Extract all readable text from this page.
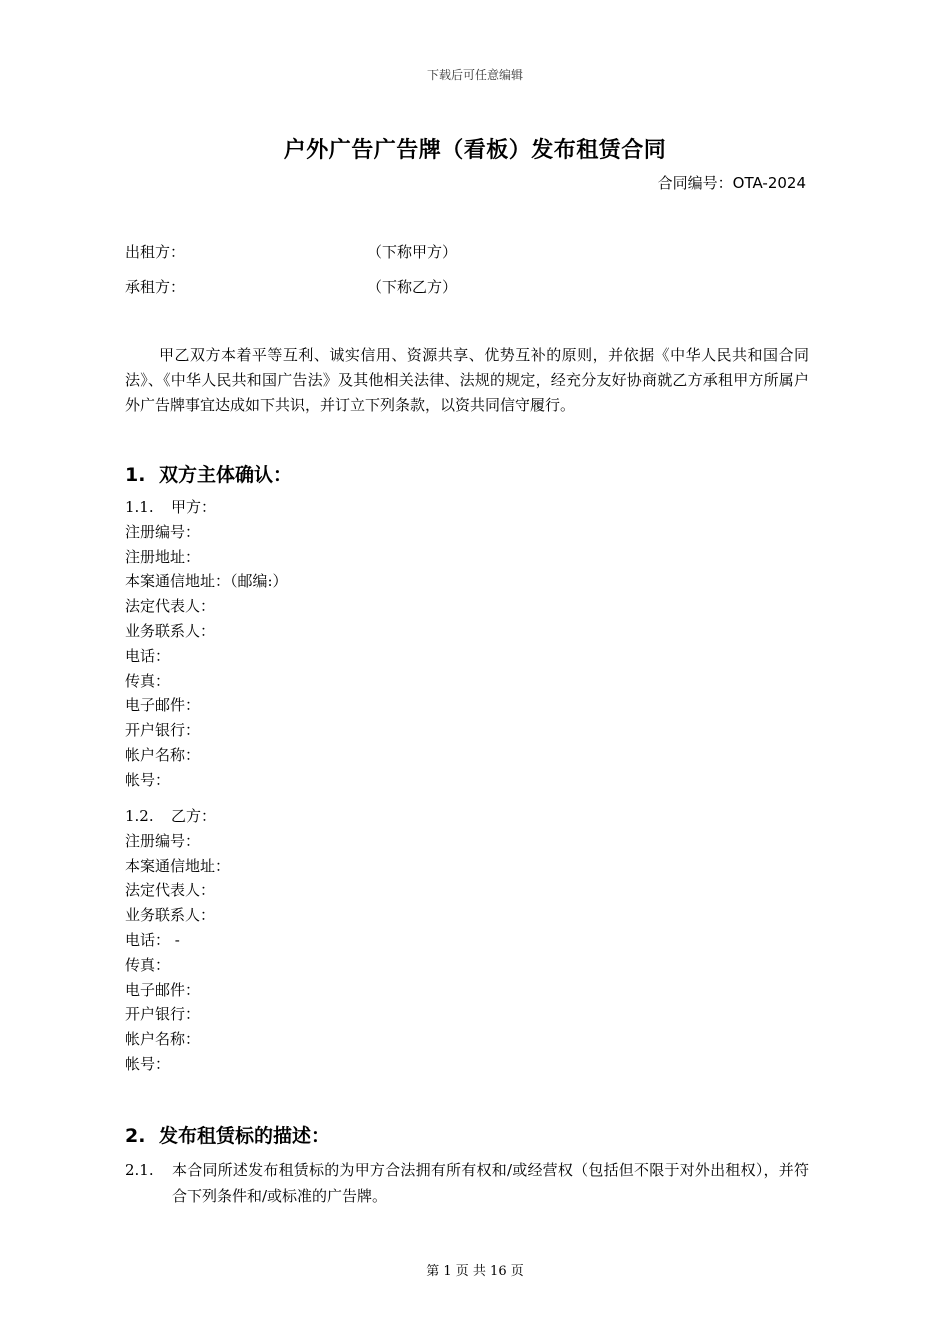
下载后可任意编辑
户外广告广告牌（看板）发布租赁合同
合同编号：OTA-2024
出租方：	（下称甲方）
承租方：	（下称乙方）
甲乙双方本着平等互利、诚实信用、资源共享、优势互补的原则，并依据《中华人民共和国合同法》、《中华人民共和国广告法》及其他相关法律、法规的规定，经充分友好协商就乙方承租甲方所属户外广告牌事宜达成如下共识，并订立下列条款，以资共同信守履行。
1. 双方主体确认：
1.1. 甲方：
注册编号：
注册地址：
本案通信地址：（邮编:）
法定代表人：
业务联系人：
电话：
传真：
电子邮件：
开户银行：
帐户名称：
帐号：
1.2. 乙方：
注册编号：
本案通信地址：
法定代表人：
业务联系人：
电话： -
传真：
电子邮件：
开户银行：
帐户名称：
帐号：
2. 发布租赁标的描述：
2.1. 本合同所述发布租赁标的为甲方合法拥有所有权和/或经营权（包括但不限于对外出租权），并符合下列条件和/或标准的广告牌。
第 1 页 共 16 页
